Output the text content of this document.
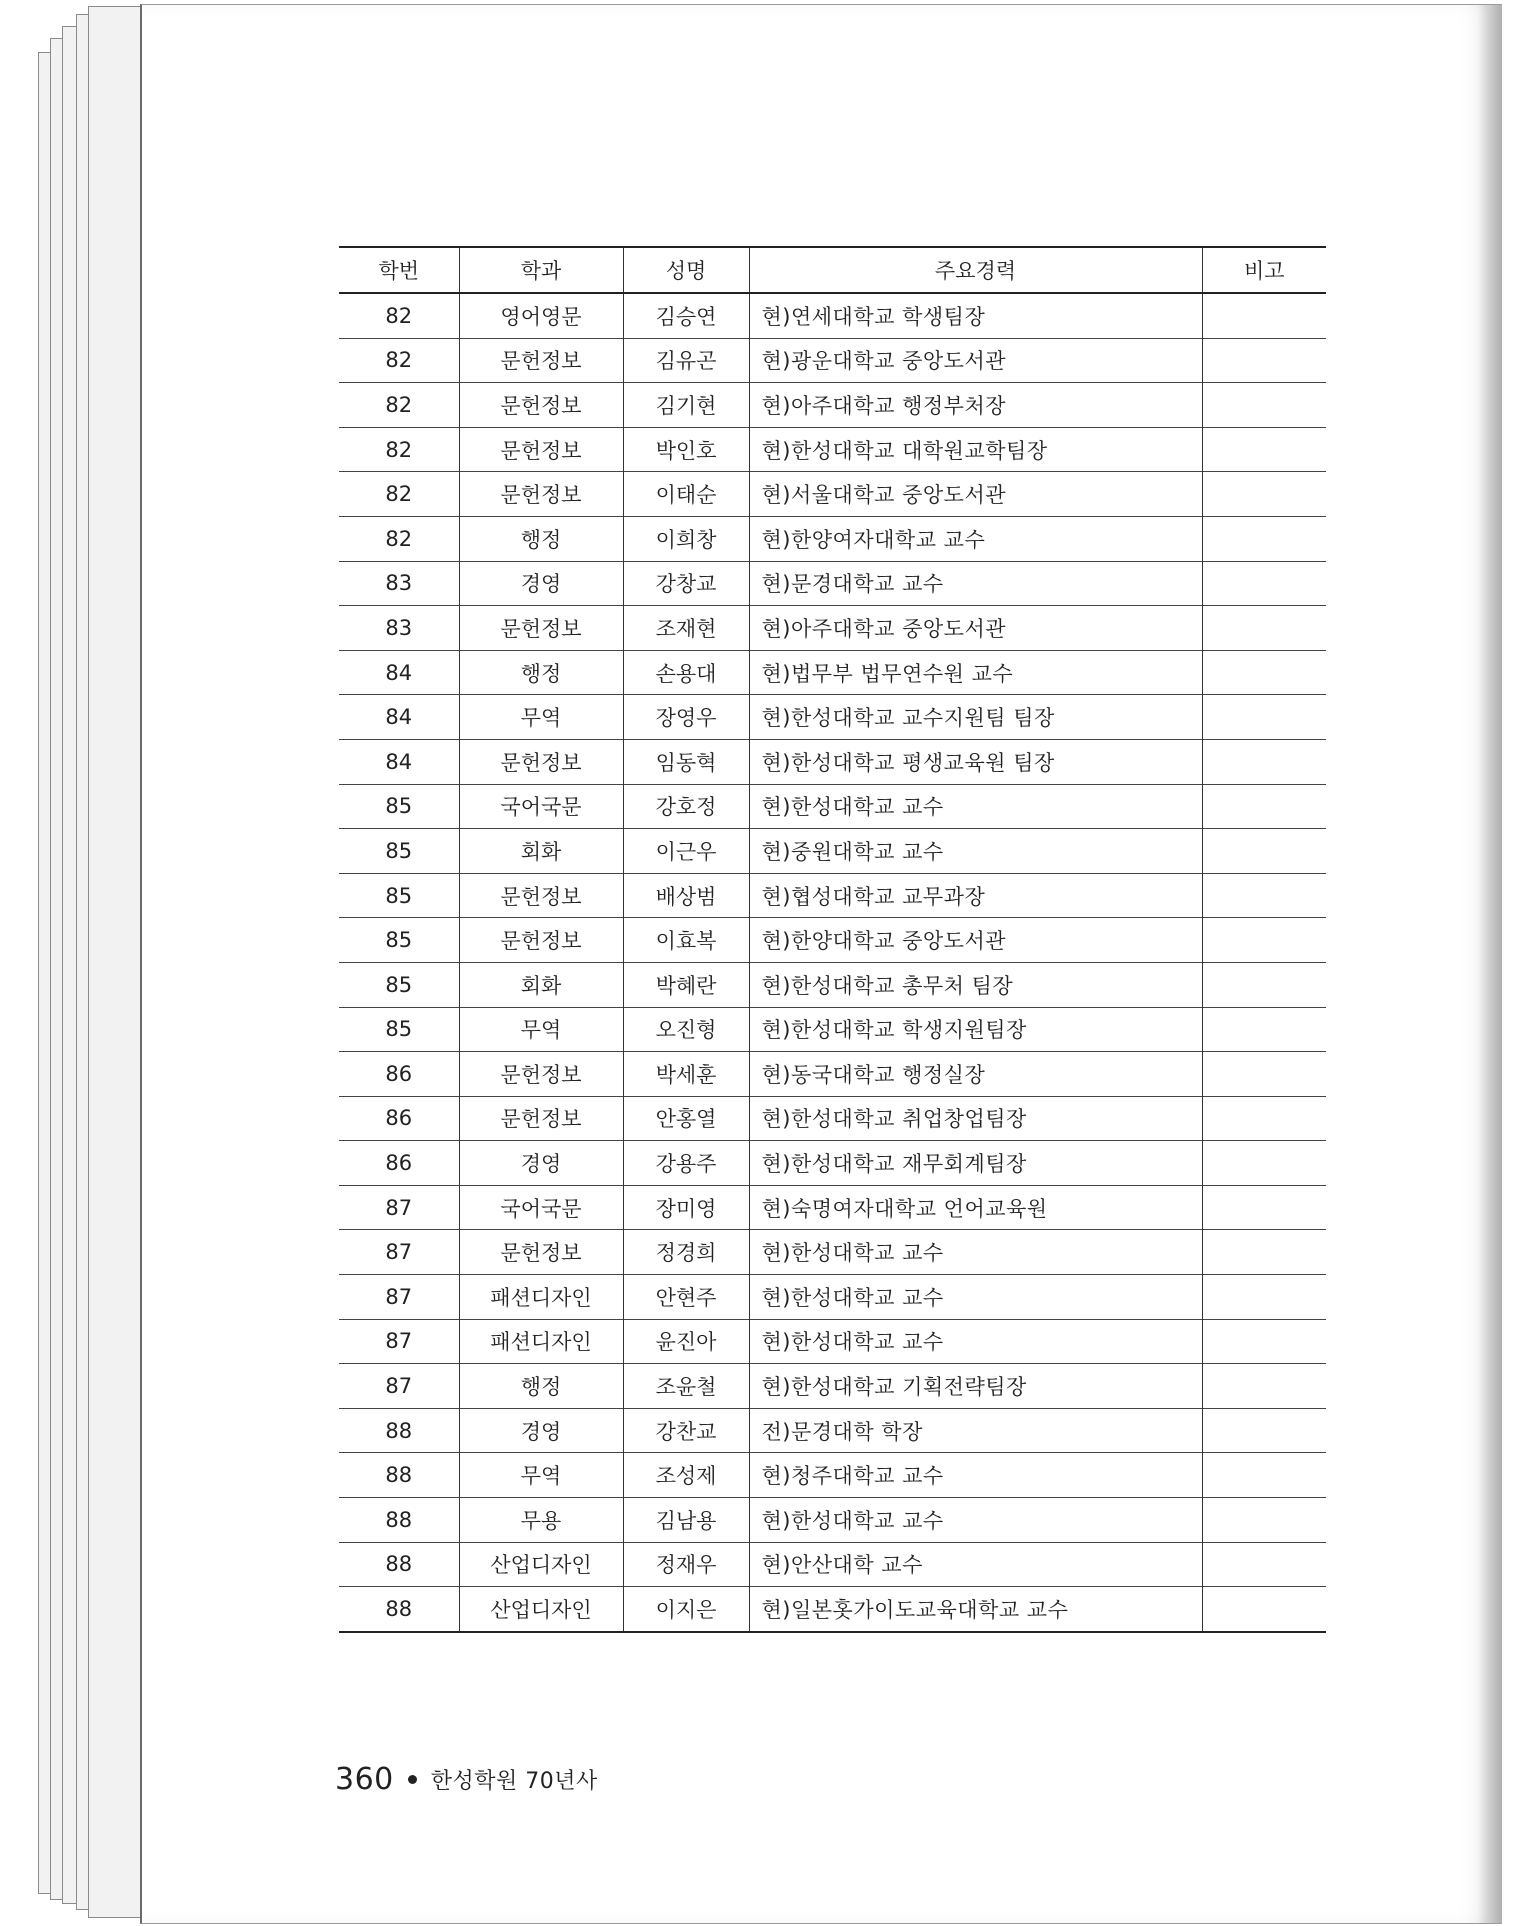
학번	학과	성명	주요경력	비고
82	영어영문	김승연	현)연세대학교 학생팀장	
82	문헌정보	김유곤	현)광운대학교 중앙도서관	
82	문헌정보	김기현	현)아주대학교 행정부처장	
82	문헌정보	박인호	현)한성대학교 대학원교학팀장	
82	문헌정보	이태순	현)서울대학교 중앙도서관	
82	행정	이희창	현)한양여자대학교 교수	
83	경영	강창교	현)문경대학교 교수	
83	문헌정보	조재현	현)아주대학교 중앙도서관	
84	행정	손용대	현)법무부 법무연수원 교수	
84	무역	장영우	현)한성대학교 교수지원팀 팀장	
84	문헌정보	임동혁	현)한성대학교 평생교육원 팀장	
85	국어국문	강호정	현)한성대학교 교수	
85	회화	이근우	현)중원대학교 교수	
85	문헌정보	배상범	현)협성대학교 교무과장	
85	문헌정보	이효복	현)한양대학교 중앙도서관	
85	회화	박혜란	현)한성대학교 총무처 팀장	
85	무역	오진형	현)한성대학교 학생지원팀장	
86	문헌정보	박세훈	현)동국대학교 행정실장	
86	문헌정보	안홍열	현)한성대학교 취업창업팀장	
86	경영	강용주	현)한성대학교 재무회계팀장	
87	국어국문	장미영	현)숙명여자대학교 언어교육원	
87	문헌정보	정경희	현)한성대학교 교수	
87	패션디자인	안현주	현)한성대학교 교수	
87	패션디자인	윤진아	현)한성대학교 교수	
87	행정	조윤철	현)한성대학교 기획전략팀장	
88	경영	강찬교	전)문경대학 학장	
88	무역	조성제	현)청주대학교 교수	
88	무용	김남용	현)한성대학교 교수	
88	산업디자인	정재우	현)안산대학 교수	
88	산업디자인	이지은	현)일본홋가이도교육대학교 교수	
360 한성학원 70년사
